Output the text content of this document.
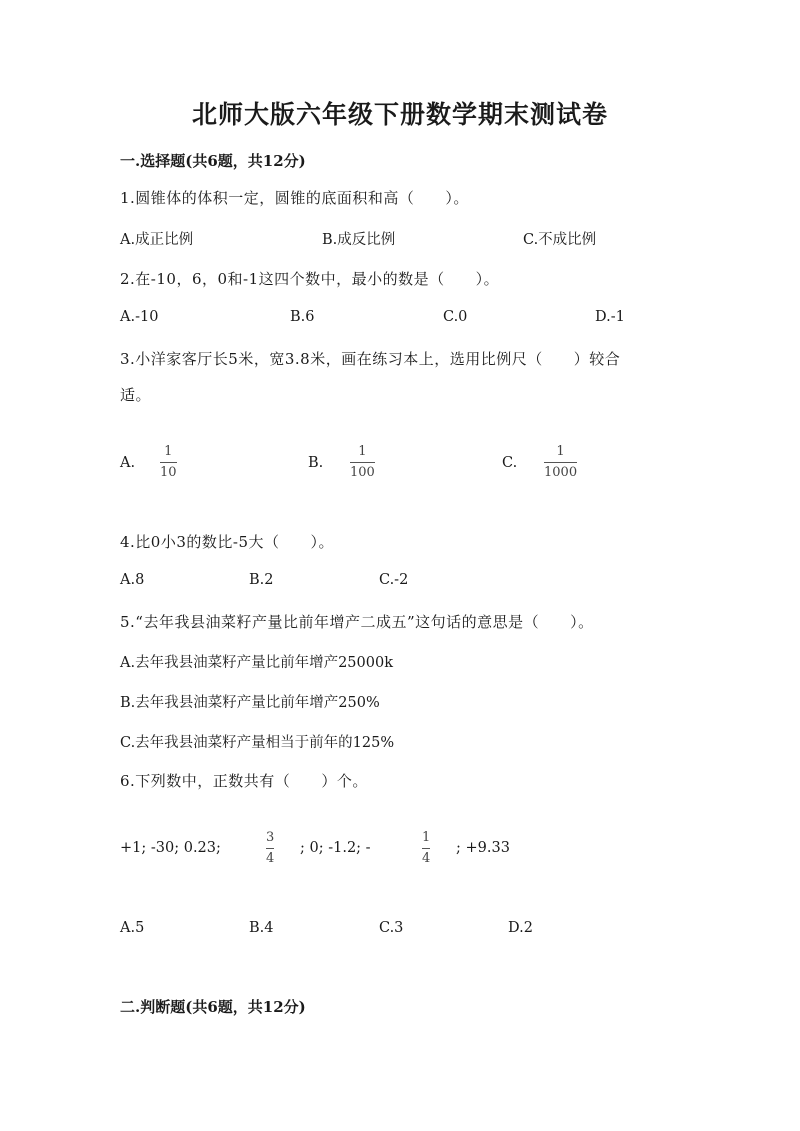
北师大版六年级下册数学期末测试卷
一.选择题(共6题，共12分)
1.圆锥体的体积一定，圆锥的底面积和高（　　）。
A.成正比例	B.成反比例	C.不成比例
2.在-10，6，0和-1这四个数中，最小的数是（　　）。
A.-10	B.6	C.0	D.-1
3.小洋家客厅长5米，宽3.8米，画在练习本上，选用比例尺（　　）较合
适。
A.
1
10
B.
1
100
C.
1
1000
4.比0小3的数比-5大（　　）。
A.8	B.2	C.-2
5.“去年我县油菜籽产量比前年增产二成五”这句话的意思是（　　）。
A.去年我县油菜籽产量比前年增产25000k
B.去年我县油菜籽产量比前年增产250%
C.去年我县油菜籽产量相当于前年的125%
6.下列数中，正数共有（　　）个。
+1; -30; 0.23;
3
4
; 0; -1.2; -
1
4
; +9.33
A.5	B.4	C.3	D.2
二.判断题(共6题，共12分)
